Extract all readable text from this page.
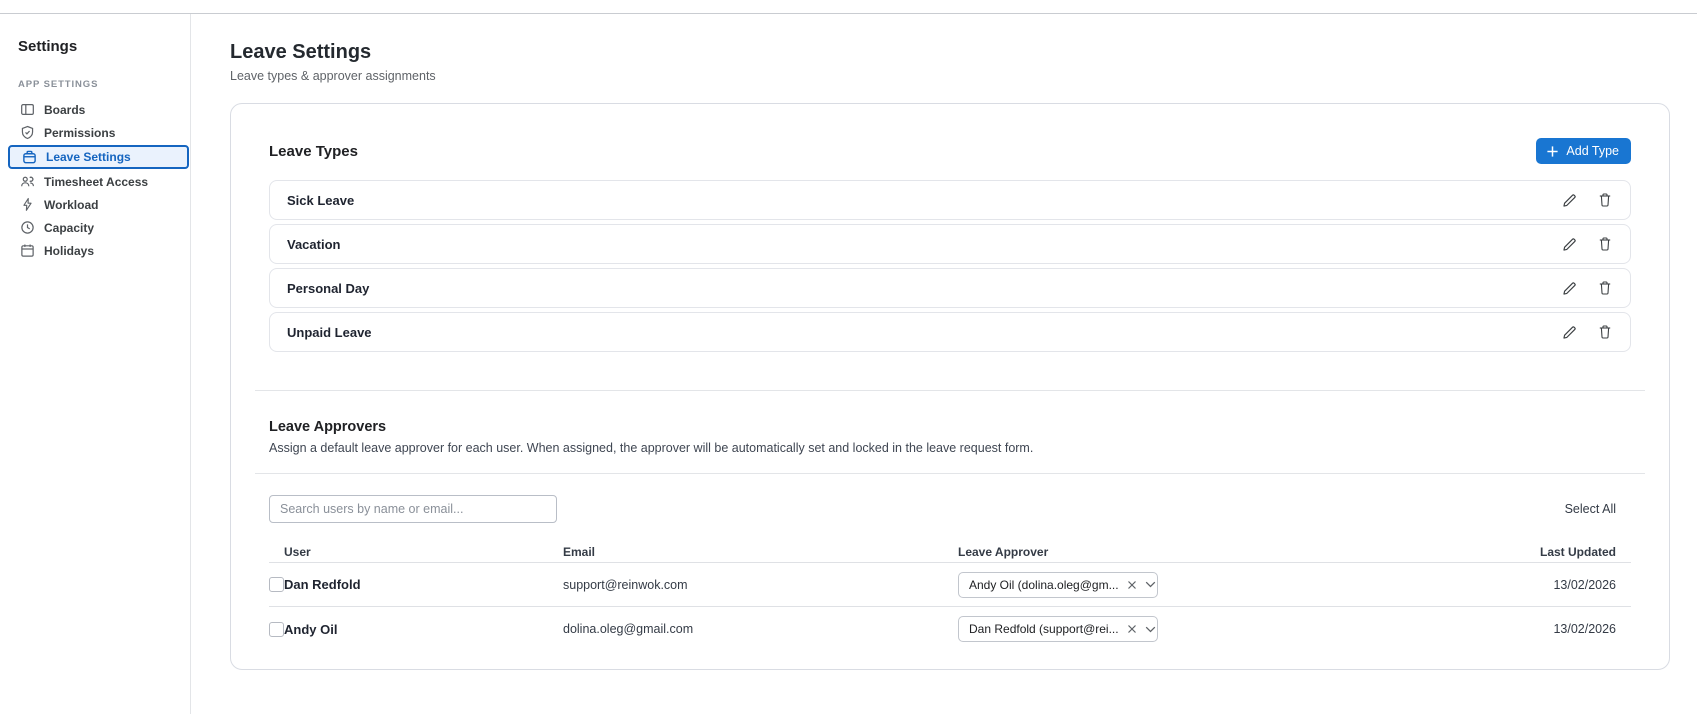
Settings
APP SETTINGS
Boards
Permissions
Leave Settings
Timesheet Access
Workload
Capacity
Holidays
Leave Settings
Leave types & approver assignments
Leave Types	Add Type
Sick Leave
Vacation
Personal Day
Unpaid Leave
Leave Approvers
Assign a default leave approver for each user. When assigned, the approver will be automatically set and locked in the leave request form.
Search users by name or email...
Select All
User	Email	Leave Approver	Last Updated
Dan Redfold	support@reinwok.com	Andy Oil (dolina.oleg@gm...	13/02/2026
Andy Oil	dolina.oleg@gmail.com	Dan Redfold (support@rei...	13/02/2026
